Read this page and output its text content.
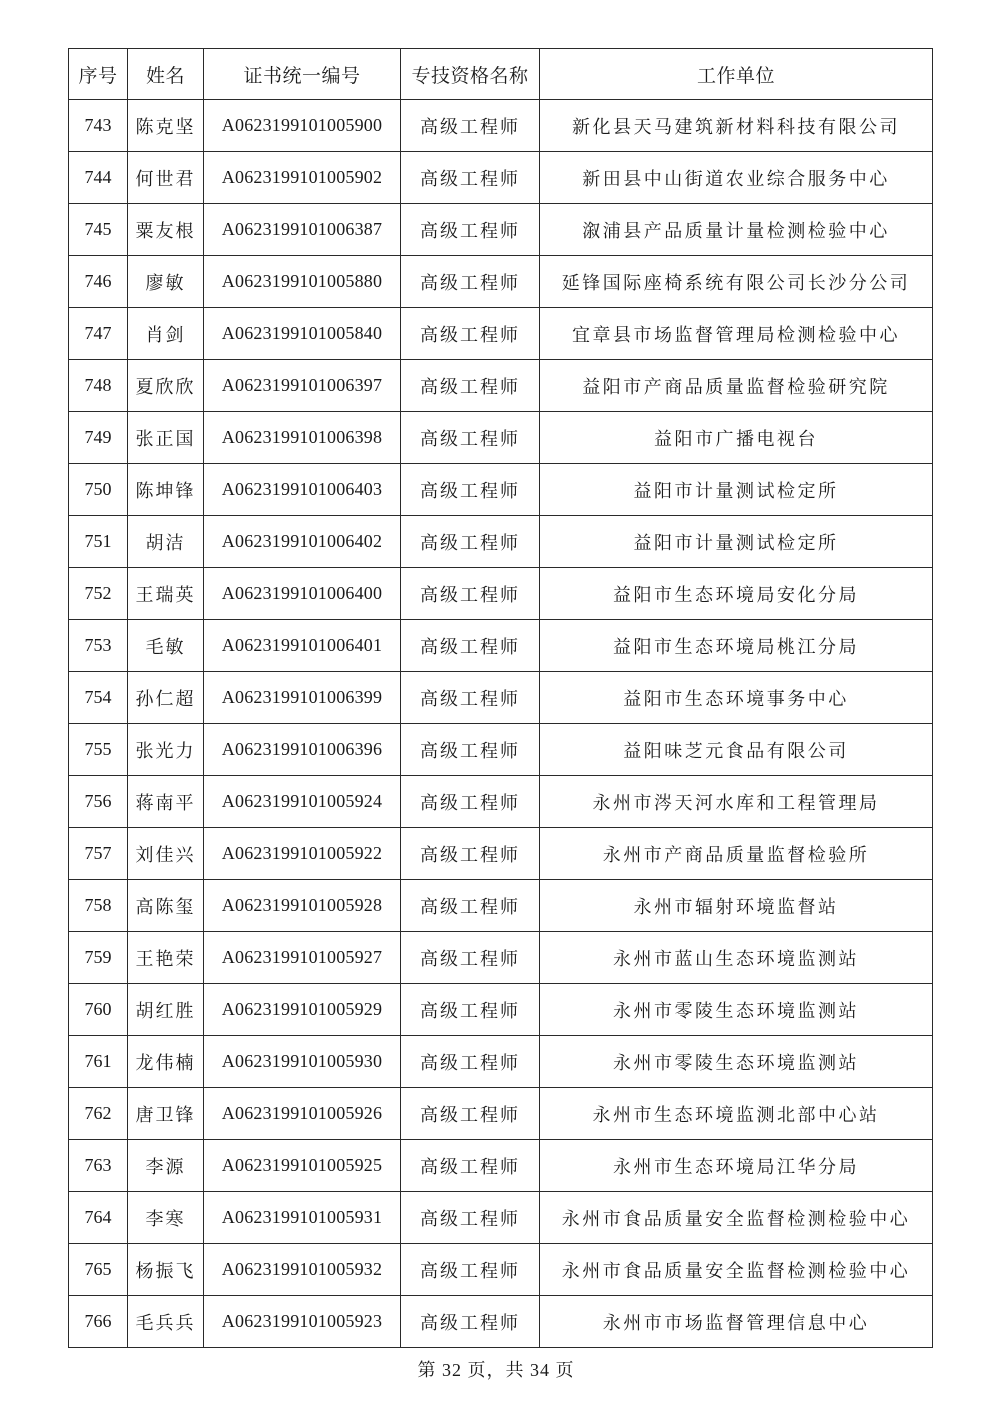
序号	姓名	证书统一编号	专技资格名称	工作单位
743	陈克坚	A0623199101005900	高级工程师	新化县天马建筑新材料科技有限公司
744	何世君	A0623199101005902	高级工程师	新田县中山街道农业综合服务中心
745	粟友根	A0623199101006387	高级工程师	溆浦县产品质量计量检测检验中心
746	廖敏	A0623199101005880	高级工程师	延锋国际座椅系统有限公司长沙分公司
747	肖剑	A0623199101005840	高级工程师	宜章县市场监督管理局检测检验中心
748	夏欣欣	A0623199101006397	高级工程师	益阳市产商品质量监督检验研究院
749	张正国	A0623199101006398	高级工程师	益阳市广播电视台
750	陈坤锋	A0623199101006403	高级工程师	益阳市计量测试检定所
751	胡洁	A0623199101006402	高级工程师	益阳市计量测试检定所
752	王瑞英	A0623199101006400	高级工程师	益阳市生态环境局安化分局
753	毛敏	A0623199101006401	高级工程师	益阳市生态环境局桃江分局
754	孙仁超	A0623199101006399	高级工程师	益阳市生态环境事务中心
755	张光力	A0623199101006396	高级工程师	益阳味芝元食品有限公司
756	蒋南平	A0623199101005924	高级工程师	永州市涔天河水库和工程管理局
757	刘佳兴	A0623199101005922	高级工程师	永州市产商品质量监督检验所
758	高陈玺	A0623199101005928	高级工程师	永州市辐射环境监督站
759	王艳荣	A0623199101005927	高级工程师	永州市蓝山生态环境监测站
760	胡红胜	A0623199101005929	高级工程师	永州市零陵生态环境监测站
761	龙伟楠	A0623199101005930	高级工程师	永州市零陵生态环境监测站
762	唐卫锋	A0623199101005926	高级工程师	永州市生态环境监测北部中心站
763	李源	A0623199101005925	高级工程师	永州市生态环境局江华分局
764	李寒	A0623199101005931	高级工程师	永州市食品质量安全监督检测检验中心
765	杨振飞	A0623199101005932	高级工程师	永州市食品质量安全监督检测检验中心
766	毛兵兵	A0623199101005923	高级工程师	永州市市场监督管理信息中心
第 32 页，共 34 页
